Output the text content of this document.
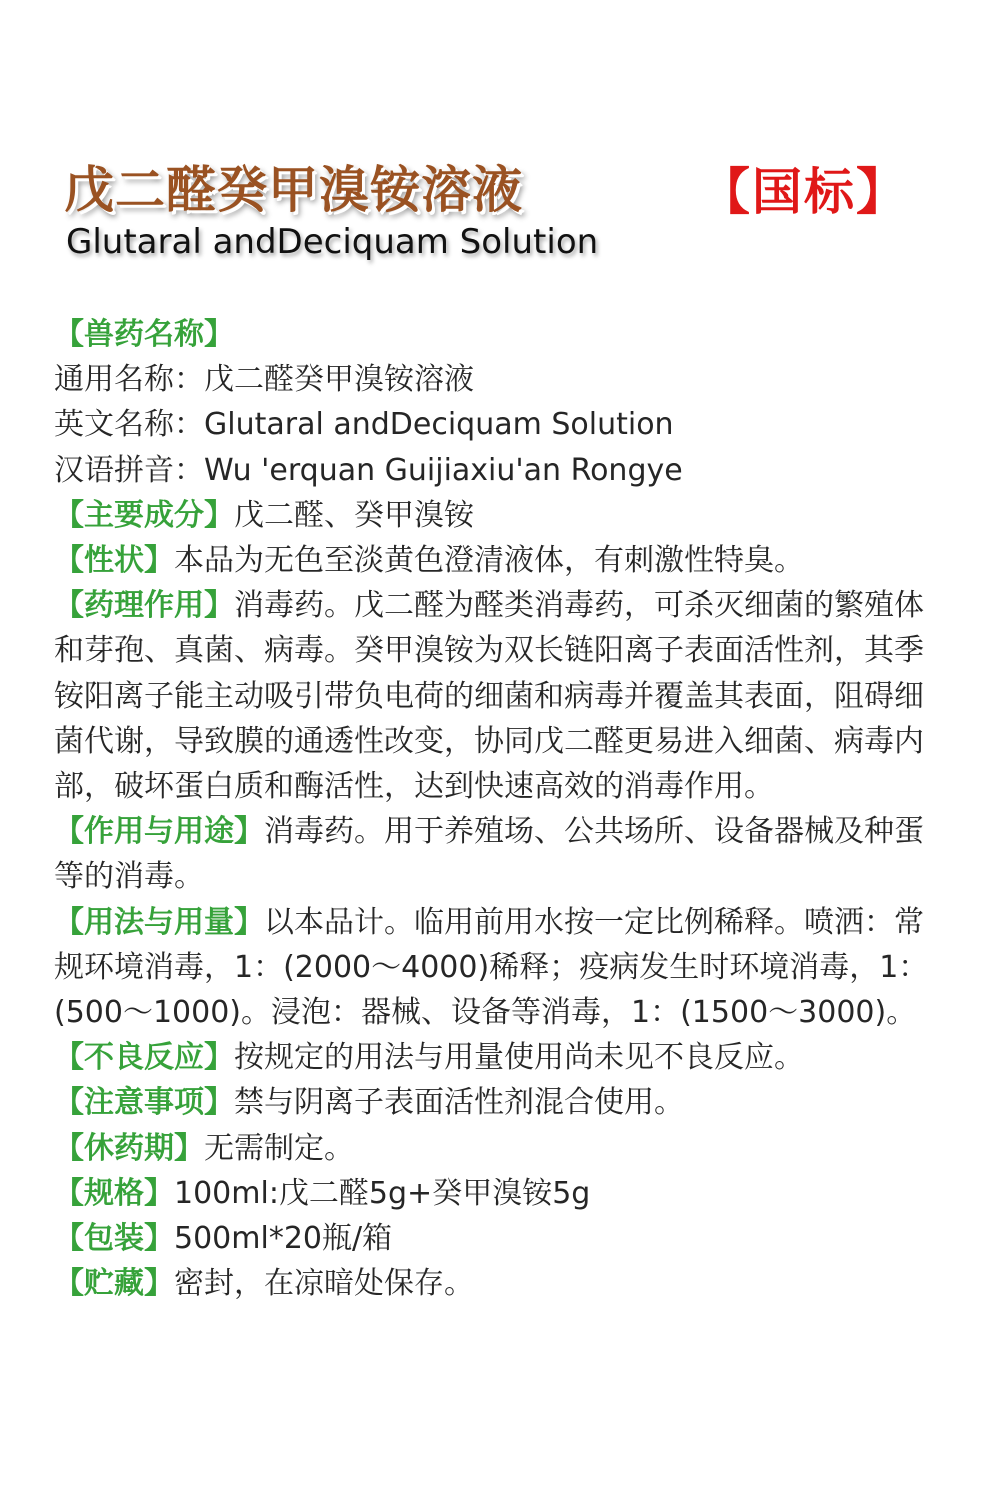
戊二醛癸甲溴铵溶液	【国标】
Glutaral andDeciquam Solution

【兽药名称】

通用名称：戊二醛癸甲溴铵溶液

英文名称：Glutaral andDeciquam Solution

汉语拼音：Wu 'erquan Guijiaxiu'an Rongye

【主要成分】戊二醛、癸甲溴铵

【性状】本品为无色至淡黄色澄清液体，有刺激性特臭。

【药理作用】消毒药。戊二醛为醛类消毒药，可杀灭细菌的繁殖体和芽孢、真菌、病毒。癸甲溴铵为双长链阳离子表面活性剂，其季铵阳离子能主动吸引带负电荷的细菌和病毒并覆盖其表面，阻碍细菌代谢，导致膜的通透性改变，协同戊二醛更易进入细菌、病毒内部，破坏蛋白质和酶活性，达到快速高效的消毒作用。

【作用与用途】消毒药。用于养殖场、公共场所、设备器械及种蛋等的消毒。

【用法与用量】以本品计。临用前用水按一定比例稀释。喷洒：常规环境消毒，1：(2000～4000)稀释；疫病发生时环境消毒，1：(500～1000)。浸泡：器械、设备等消毒，1：(1500～3000)。

【不良反应】按规定的用法与用量使用尚未见不良反应。

【注意事项】禁与阴离子表面活性剂混合使用。

【休药期】无需制定。

【规格】100ml:戊二醛5g+癸甲溴铵5g

【包装】500ml*20瓶/箱

【贮藏】密封，在凉暗处保存。
